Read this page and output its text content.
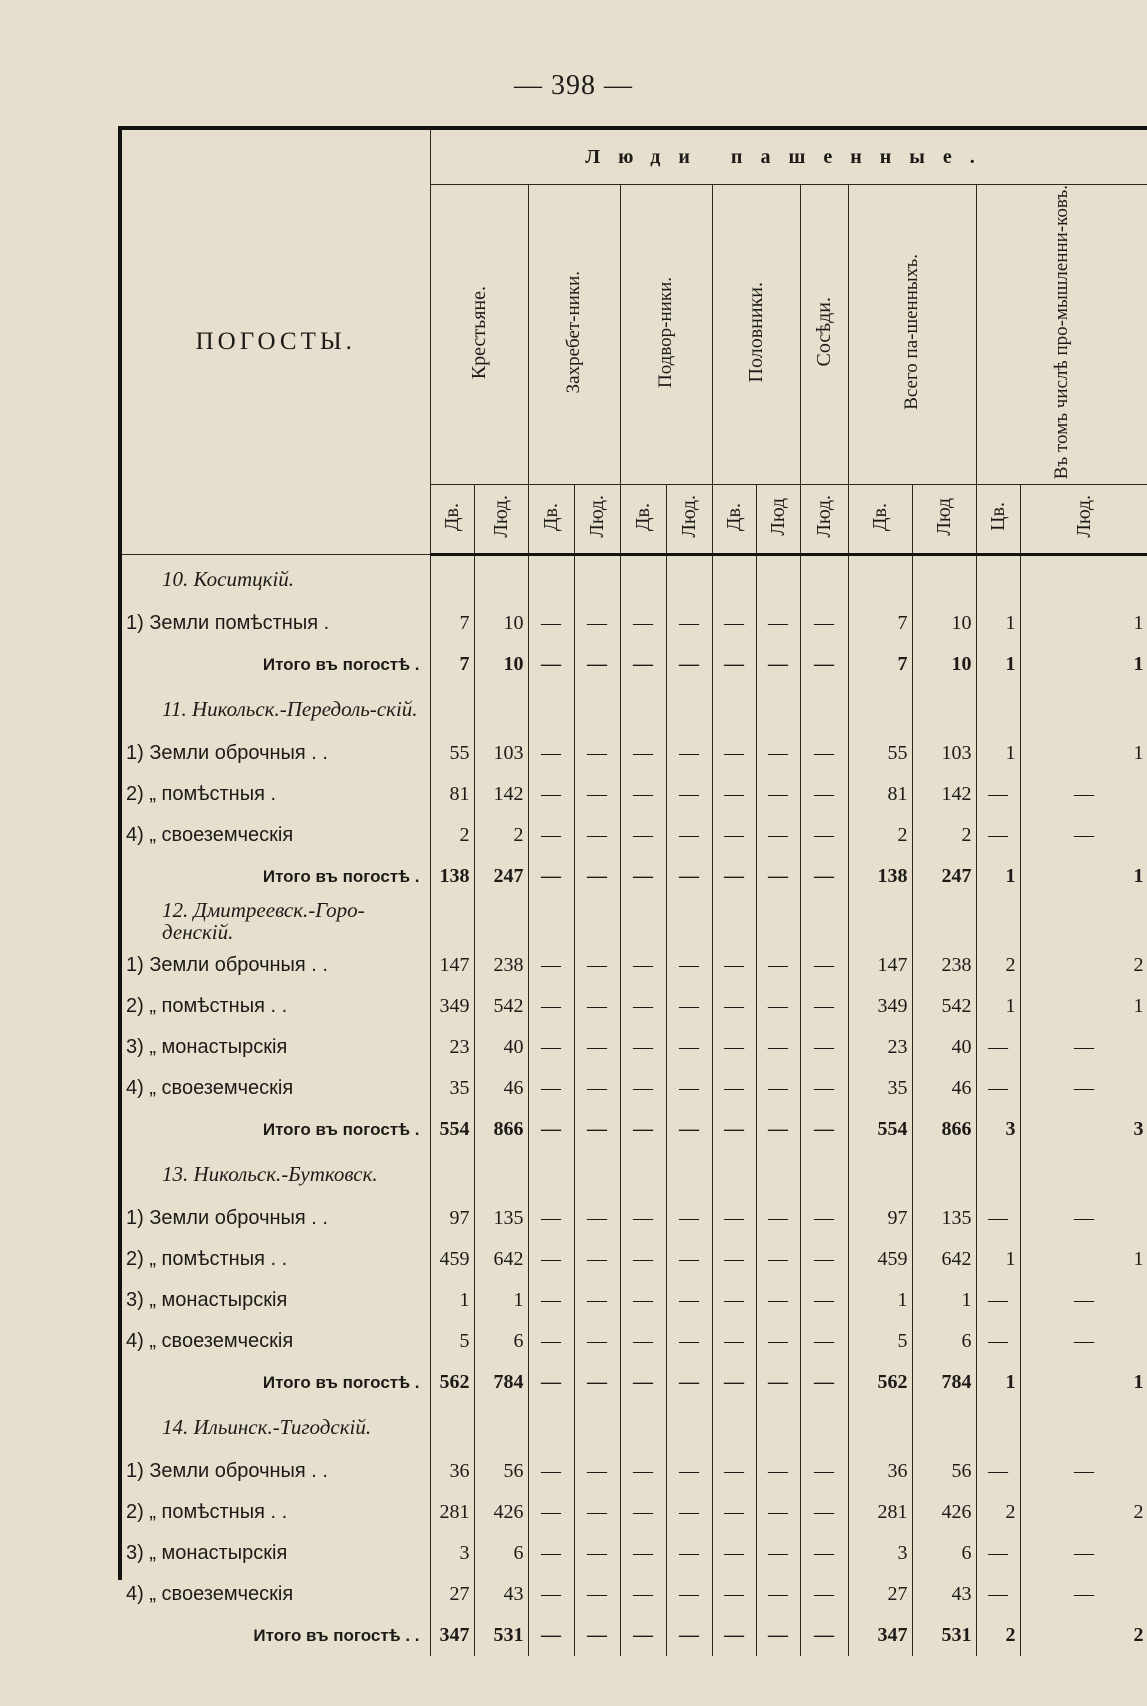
— 398 —
ПОГОСТЫ.	Люди пашенные.												
	Крестьяне.		Захребет-ники.		Подвор-ники.		Половники.		Сосѣди.	Всего па-шенныхъ.		Въ томъ числѣ про-мышленни-ковъ.	
	Дв.	Люд.	Дв.	Люд.	Дв.	Люд.	Дв.	Люд	Люд.	Дв.	Люд	Цв.	Люд.
10. Коситцкій.													
1) Земли помѣстныя .	7	10	—	—	—	—	—	—	—	7	10	1	1
Итого въ погостѣ .	7	10	—	—	—	—	—	—	—	7	10	1	1
11. Никольск.-Передоль-скій.													
1) Земли оброчныя . .	55	103	—	—	—	—	—	—	—	55	103	1	1
2) „ помѣстныя .	81	142	—	—	—	—	—	—	—	81	142	—	—
4) „ своеземческія	2	2	—	—	—	—	—	—	—	2	2	—	—
Итого въ погостѣ .	138	247	—	—	—	—	—	—	—	138	247	1	1
12. Дмитреевск.-Горо-денскій.													
1) Земли оброчныя . .	147	238	—	—	—	—	—	—	—	147	238	2	2
2) „ помѣстныя . .	349	542	—	—	—	—	—	—	—	349	542	1	1
3) „ монастырскія	23	40	—	—	—	—	—	—	—	23	40	—	—
4) „ своеземческія	35	46	—	—	—	—	—	—	—	35	46	—	—
Итого въ погостѣ .	554	866	—	—	—	—	—	—	—	554	866	3	3
13. Никольск.-Бутковск.													
1) Земли оброчныя . .	97	135	—	—	—	—	—	—	—	97	135	—	—
2) „ помѣстныя . .	459	642	—	—	—	—	—	—	—	459	642	1	1
3) „ монастырскія	1	1	—	—	—	—	—	—	—	1	1	—	—
4) „ своеземческія	5	6	—	—	—	—	—	—	—	5	6	—	—
Итого въ погостѣ .	562	784	—	—	—	—	—	—	—	562	784	1	1
14. Ильинск.-Тигодскій.													
1) Земли оброчныя . .	36	56	—	—	—	—	—	—	—	36	56	—	—
2) „ помѣстныя . .	281	426	—	—	—	—	—	—	—	281	426	2	2
3) „ монастырскія	3	6	—	—	—	—	—	—	—	3	6	—	—
4) „ своеземческія	27	43	—	—	—	—	—	—	—	27	43	—	—
Итого въ погостѣ . .	347	531	—	—	—	—	—	—	—	347	531	2	2
